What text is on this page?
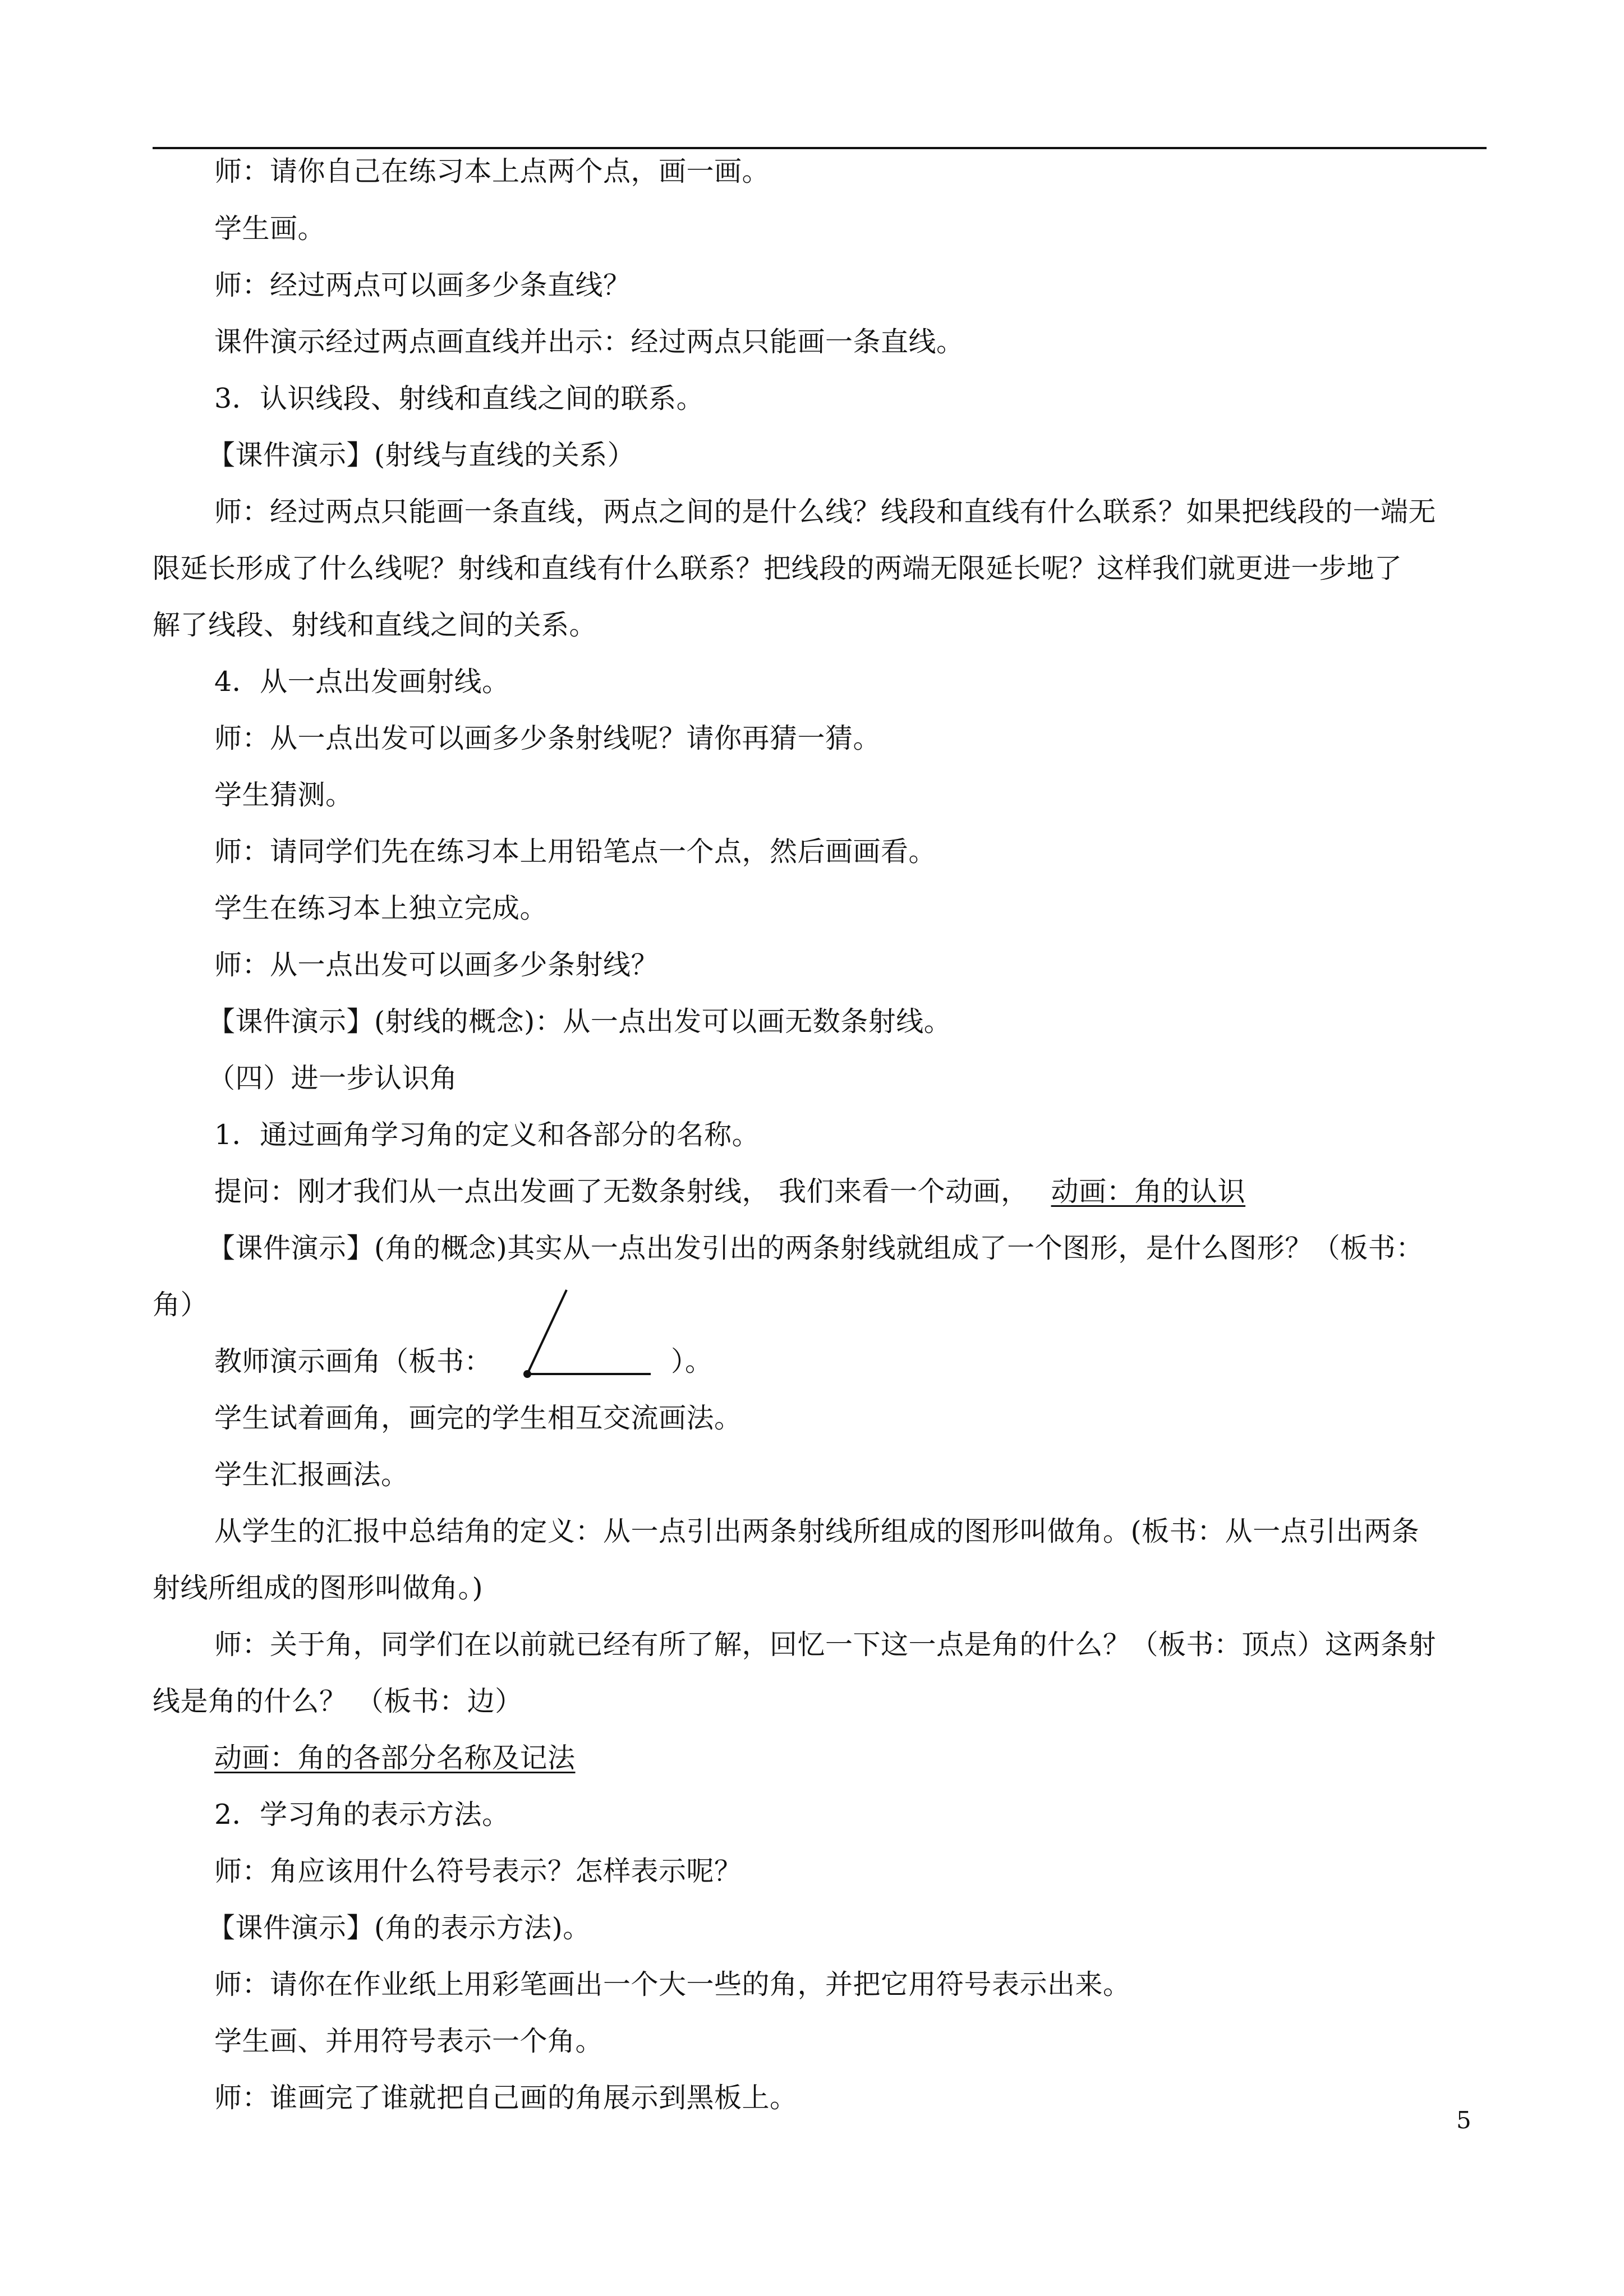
师：请你自己在练习本上点两个点，画一画。
学生画。
师：经过两点可以画多少条直线？
课件演示经过两点画直线并出示：经过两点只能画一条直线。
3．认识线段、射线和直线之间的联系。
【课件演示】(射线与直线的关系）
师：经过两点只能画一条直线，两点之间的是什么线？线段和直线有什么联系？如果把线段的一端无
限延长形成了什么线呢？射线和直线有什么联系？把线段的两端无限延长呢？这样我们就更进一步地了
解了线段、射线和直线之间的关系。
4．从一点出发画射线。
师：从一点出发可以画多少条射线呢？请你再猜一猜。
学生猜测。
师：请同学们先在练习本上用铅笔点一个点，然后画画看。
学生在练习本上独立完成。
师：从一点出发可以画多少条射线？
【课件演示】(射线的概念)：从一点出发可以画无数条射线。
（四）进一步认识角
1．通过画角学习角的定义和各部分的名称。
提问：刚才我们从一点出发画了无数条射线， 我们来看一个动画， 动画：角的认识
【课件演示】(角的概念)其实从一点出发引出的两条射线就组成了一个图形，是什么图形？（板书：
角）
教师演示画角（板书：	）。
学生试着画角，画完的学生相互交流画法。
学生汇报画法。
从学生的汇报中总结角的定义：从一点引出两条射线所组成的图形叫做角。(板书：从一点引出两条
射线所组成的图形叫做角。)
师：关于角，同学们在以前就已经有所了解，回忆一下这一点是角的什么？（板书：顶点）这两条射
线是角的什么？ （板书：边）
动画：角的各部分名称及记法
2．学习角的表示方法。
师：角应该用什么符号表示？怎样表示呢？
【课件演示】(角的表示方法)。
师：请你在作业纸上用彩笔画出一个大一些的角，并把它用符号表示出来。
学生画、并用符号表示一个角。
师：谁画完了谁就把自己画的角展示到黑板上。
5
